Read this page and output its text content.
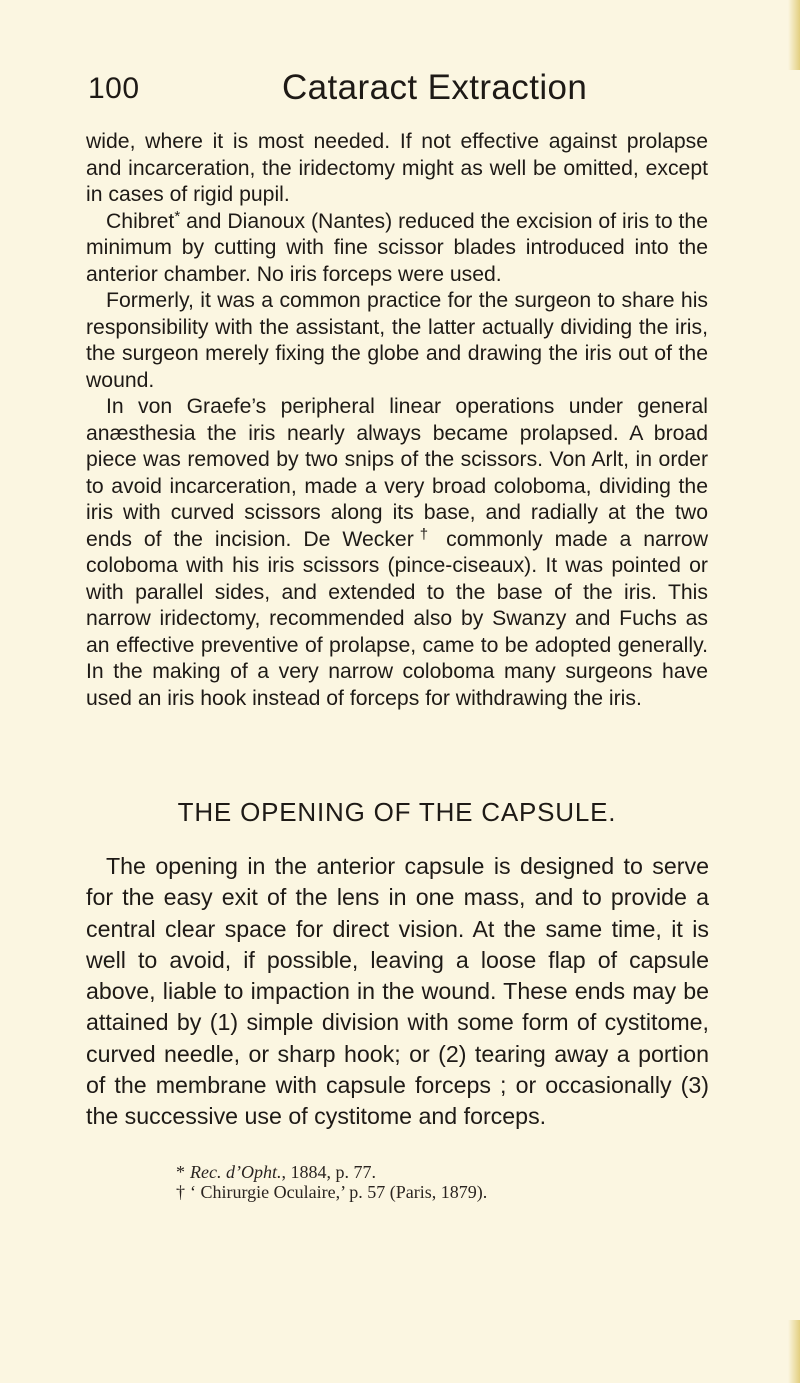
100	Cataract Extraction

wide, where it is most needed. If not effective against prolapse and incarceration, the iridectomy might as well be omitted, except in cases of rigid pupil.

Chibret* and Dianoux (Nantes) reduced the excision of iris to the minimum by cutting with fine scissor blades introduced into the anterior chamber. No iris forceps were used.

Formerly, it was a common practice for the surgeon to share his responsibility with the assistant, the latter actually dividing the iris, the surgeon merely fixing the globe and drawing the iris out of the wound.

In von Graefe’s peripheral linear operations under general anæsthesia the iris nearly always became prolapsed. A broad piece was removed by two snips of the scissors. Von Arlt, in order to avoid incarceration, made a very broad coloboma, dividing the iris with curved scissors along its base, and radially at the two ends of the incision. De Wecker† commonly made a narrow coloboma with his iris scissors (pince-ciseaux). It was pointed or with parallel sides, and extended to the base of the iris. This narrow iridectomy, recommended also by Swanzy and Fuchs as an effective preventive of prolapse, came to be adopted generally. In the making of a very narrow coloboma many surgeons have used an iris hook instead of forceps for withdrawing the iris.

THE OPENING OF THE CAPSULE.

The opening in the anterior capsule is designed to serve for the easy exit of the lens in one mass, and to provide a central clear space for direct vision. At the same time, it is well to avoid, if possible, leaving a loose flap of capsule above, liable to impaction in the wound. These ends may be attained by (1) simple division with some form of cystitome, curved needle, or sharp hook; or (2) tearing away a portion of the membrane with capsule forceps ; or occasionally (3) the successive use of cystitome and forceps.

* Rec. d’Opht., 1884, p. 77.
† ‘ Chirurgie Oculaire,’ p. 57 (Paris, 1879).
